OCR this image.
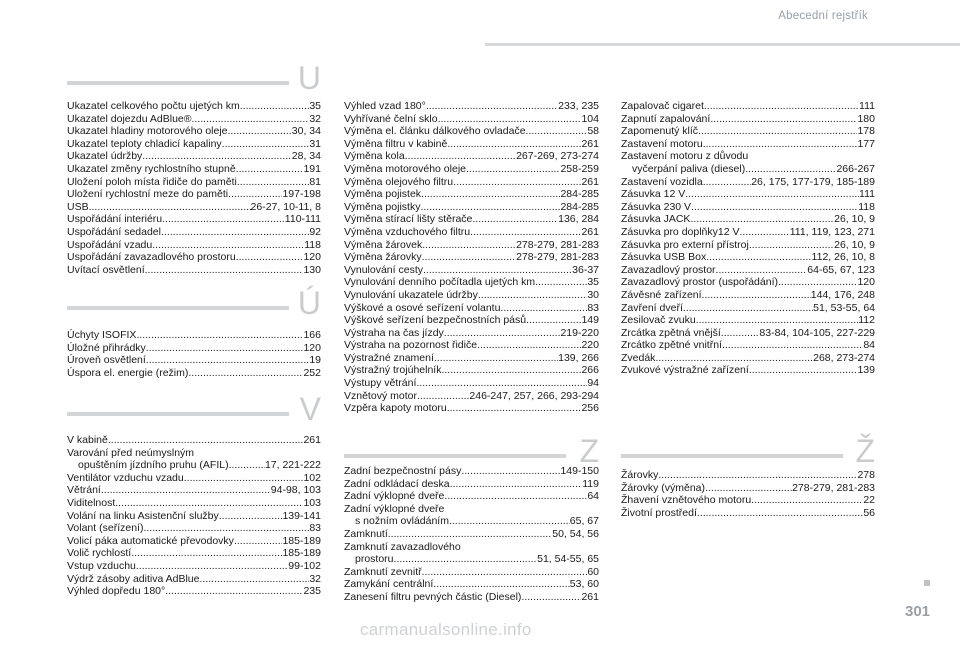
Abecední rejstřík
U
Ukazatel celkového počtu ujetých km .....	35
Ukazatel dojezdu AdBlue® .....	32
Ukazatel hladiny motorového oleje .....	30, 34
Ukazatel teploty chladicí kapaliny .....	31
Ukazatel údržby .....	28, 34
Ukazatel změny rychlostního stupně .....	191
Uložení poloh místa řidiče do paměti .....	81
Uložení rychlostní meze do paměti .....	197-198
USB .....	26-27, 10-11, 8
Uspořádání interiéru .....	110-111
Uspořádání sedadel .....	92
Uspořádání vzadu .....	118
Uspořádání zavazadlového prostoru .....	120
Uvítací osvětlení .....	130
Ú
Úchyty ISOFIX .....	166
Úložné přihrádky .....	120
Úroveň osvětlení .....	19
Úspora el. energie (režim) .....	252
V
V kabině .....	261
Varování před neúmyslným
opuštěním jízdního pruhu (AFIL) .....	17, 221-222
Ventilátor vzduchu vzadu .....	102
Větrání .....	94-98, 103
Viditelnost .....	103
Volání na linku Asistenční služby .....	139-141
Volant (seřízení) .....	83
Volicí páka automatické převodovky .....	185-189
Volič rychlostí .....	185-189
Vstup vzduchu .....	99-102
Výdrž zásoby aditiva AdBlue .....	32
Výhled dopředu 180° .....	235
Výhled vzad 180° .....	233, 235
Vyhřívané čelní sklo .....	104
Výměna el. článku dálkového ovladače .....	58
Výměna filtru v kabině .....	261
Výměna kola .....	267-269, 273-274
Výměna motorového oleje .....	258-259
Výměna olejového filtru .....	261
Výměna pojistek .....	284-285
Výměna pojistky .....	284-285
Výměna stírací lišty stěrače .....	136, 284
Výměna vzduchového filtru .....	261
Výměna žárovek .....	278-279, 281-283
Výměna žárovky .....	278-279, 281-283
Vynulování cesty .....	36-37
Vynulování denního počítadla ujetých km .....	35
Vynulování ukazatele údržby .....	30
Výškové a osové seřízení volantu .....	83
Výškové seřízení bezpečnostních pásů .....	149
Výstraha na čas jízdy .....	219-220
Výstraha na pozornost řidiče .....	220
Výstražné znamení .....	139, 266
Výstražný trojúhelník .....	266
Výstupy větrání .....	94
Vznětový motor .....	246-247, 257, 266, 293-294
Vzpěra kapoty motoru .....	256
Z
Zadní bezpečnostní pásy .....	149-150
Zadní odkládací deska .....	119
Zadní výklopné dveře .....	64
Zadní výklopné dveře
s nožním ovládáním .....	65, 67
Zamknutí .....	50, 54, 56
Zamknutí zavazadlového
prostoru .....	51, 54-55, 65
Zamknutí zevnitř .....	60
Zamykání centrální .....	53, 60
Zanesení filtru pevných částic (Diesel) .....	261
Zapalovač cigaret .....	111
Zapnutí zapalování .....	180
Zapomenutý klíč .....	178
Zastavení motoru .....	177
Zastavení motoru z důvodu
vyčerpání paliva (diesel) .....	266-267
Zastavení vozidla .....	26, 175, 177-179, 185-189
Zásuvka 12 V .....	111
Zásuvka 230 V .....	118
Zásuvka JACK .....	26, 10, 9
Zásuvka pro doplňky12 V .....	111, 119, 123, 271
Zásuvka pro externí přístroj .....	26, 10, 9
Zásuvka USB Box .....	112, 26, 10, 8
Zavazadlový prostor .....	64-65, 67, 123
Zavazadlový prostor (uspořádání) .....	120
Závěsné zařízení .....	144, 176, 248
Zavření dveří .....	51, 53-55, 64
Zesilovač zvuku .....	112
Zrcátka zpětná vnější .....	83-84, 104-105, 227-229
Zrcátko zpětné vnitřní .....	84
Zvedák .....	268, 273-274
Zvukové výstražné zařízení .....	139
Ž
Žárovky .....	278
Žárovky (výměna) .....	278-279, 281-283
Žhavení vznětového motoru .....	22
Životní prostředí .....	56
301
carmanualsonline.info
